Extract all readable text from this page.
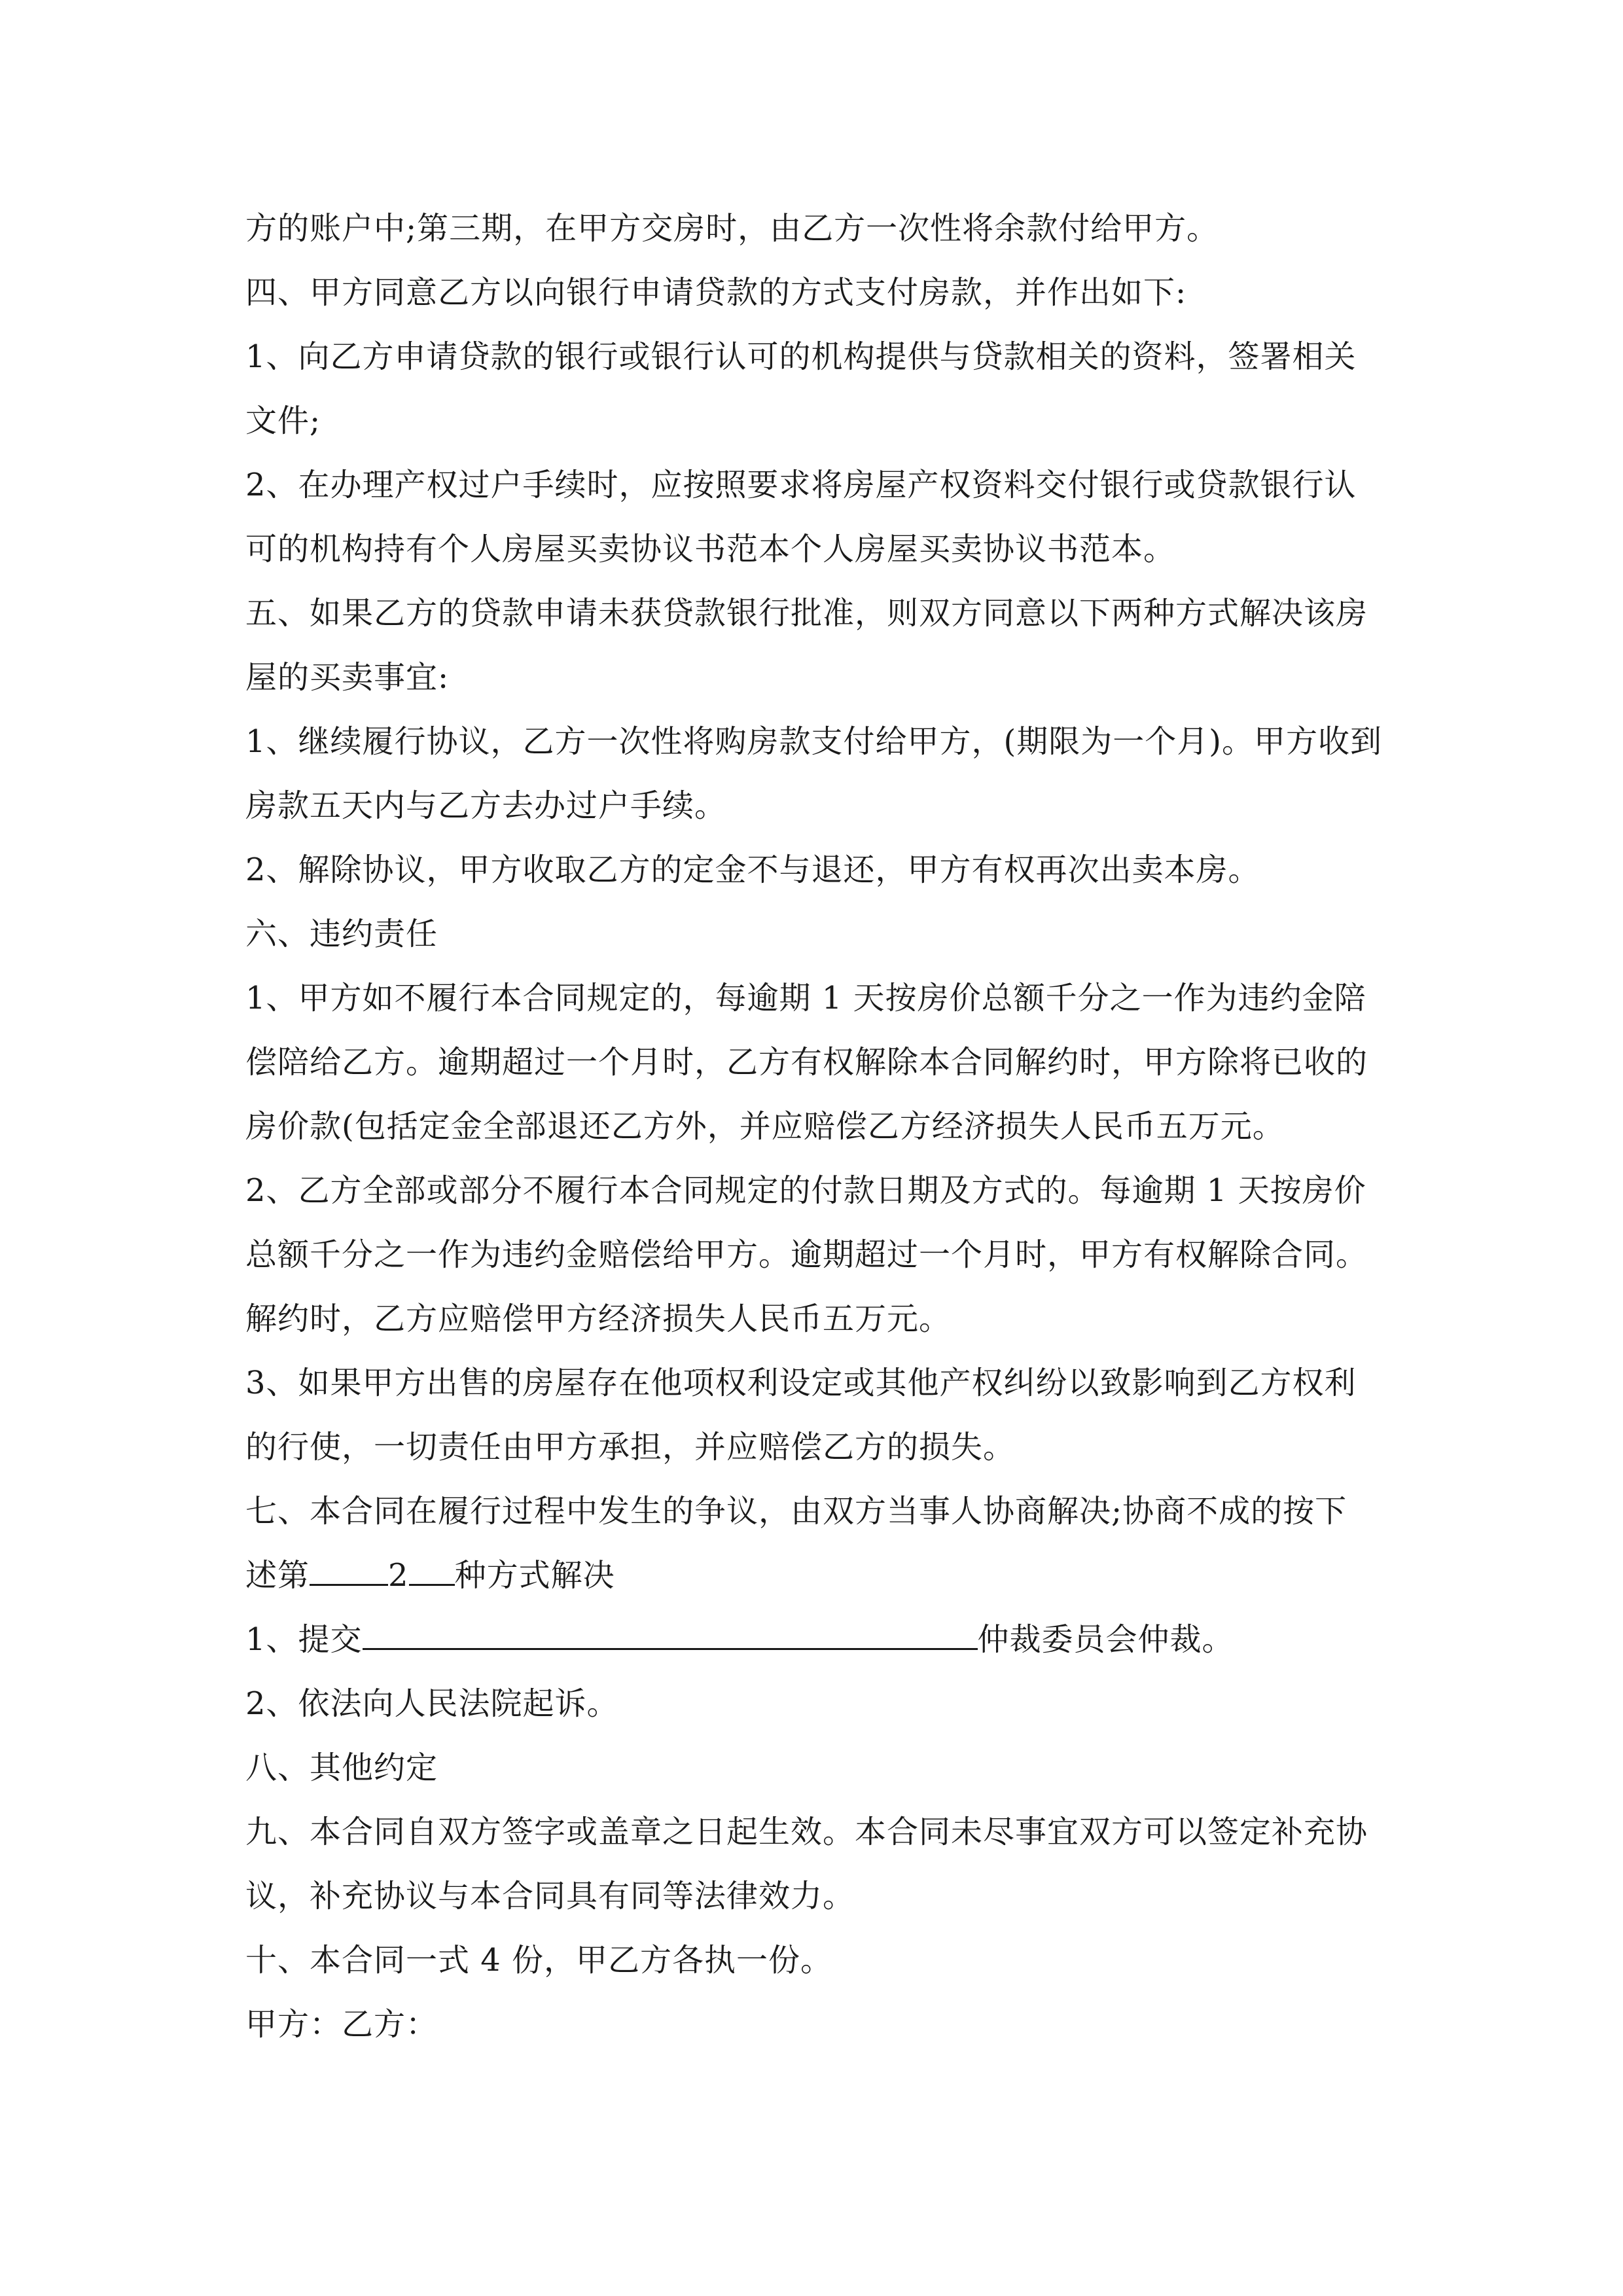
方的账户中;第三期，在甲方交房时，由乙方一次性将余款付给甲方。

四、甲方同意乙方以向银行申请贷款的方式支付房款，并作出如下:

1、向乙方申请贷款的银行或银行认可的机构提供与贷款相关的资料，签署相关文件;

2、在办理产权过户手续时，应按照要求将房屋产权资料交付银行或贷款银行认可的机构持有个人房屋买卖协议书范本个人房屋买卖协议书范本。

五、如果乙方的贷款申请未获贷款银行批准，则双方同意以下两种方式解决该房屋的买卖事宜:

1、继续履行协议，乙方一次性将购房款支付给甲方，(期限为一个月)。甲方收到房款五天内与乙方去办过户手续。

2、解除协议，甲方收取乙方的定金不与退还，甲方有权再次出卖本房。

六、违约责任

1、甲方如不履行本合同规定的，每逾期 1 天按房价总额千分之一作为违约金陪偿陪给乙方。逾期超过一个月时，乙方有权解除本合同解约时，甲方除将已收的房价款(包括定金全部退还乙方外，并应赔偿乙方经济损失人民币五万元。

2、乙方全部或部分不履行本合同规定的付款日期及方式的。每逾期 1 天按房价总额千分之一作为违约金赔偿给甲方。逾期超过一个月时，甲方有权解除合同。解约时，乙方应赔偿甲方经济损失人民币五万元。

3、如果甲方出售的房屋存在他项权利设定或其他产权纠纷以致影响到乙方权利的行使，一切责任由甲方承担，并应赔偿乙方的损失。

七、本合同在履行过程中发生的争议，由双方当事人协商解决;协商不成的按下

述第	2 种方式解决

1、提交	仲裁委员会仲裁。

2、依法向人民法院起诉。

八、其他约定

九、本合同自双方签字或盖章之日起生效。本合同未尽事宜双方可以签定补充协议，补充协议与本合同具有同等法律效力。

十、本合同一式 4 份，甲乙方各执一份。

甲方：乙方：
